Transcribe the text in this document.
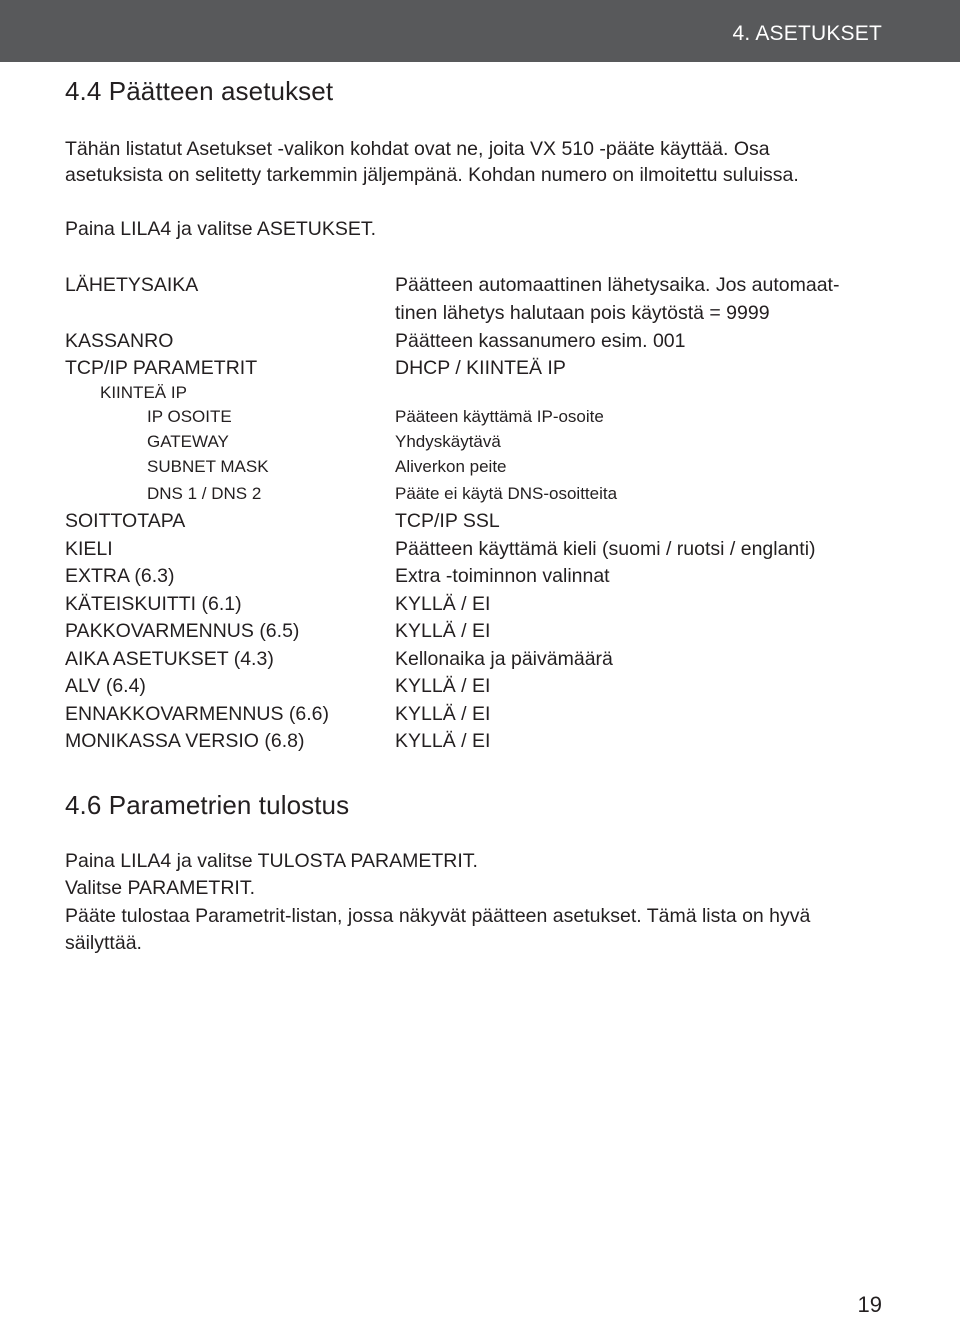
4. ASETUKSET
4.4 Päätteen asetukset
Tähän listatut Asetukset -valikon kohdat ovat ne, joita VX 510 -pääte käyttää. Osa
asetuksista on selitetty tarkemmin jäljempänä. Kohdan numero on ilmoitettu suluissa.
Paina LILA4 ja valitse ASETUKSET.
LÄHETYSAIKA	Päätteen automaattinen lähetysaika. Jos automaat-
tinen lähetys halutaan pois käytöstä = 9999
KASSANRO	Päätteen kassanumero esim. 001
TCP/IP PARAMETRIT	DHCP / KIINTEÄ IP
KIINTEÄ IP
IP OSOITE	Pääteen käyttämä IP-osoite
GATEWAY	Yhdyskäytävä
SUBNET MASK	Aliverkon peite
DNS 1 / DNS 2	Pääte ei käytä DNS-osoitteita
SOITTOTAPA	TCP/IP SSL
KIELI	Päätteen käyttämä kieli (suomi / ruotsi / englanti)
EXTRA (6.3)	Extra -toiminnon valinnat
KÄTEISKUITTI (6.1)	KYLLÄ / EI
PAKKOVARMENNUS (6.5)	KYLLÄ / EI
AIKA ASETUKSET (4.3)	Kellonaika ja päivämäärä
ALV (6.4)	KYLLÄ / EI
ENNAKKOVARMENNUS (6.6)	KYLLÄ / EI
MONIKASSA VERSIO (6.8)	KYLLÄ / EI
4.6 Parametrien tulostus
Paina LILA4 ja valitse TULOSTA PARAMETRIT.
Valitse PARAMETRIT.
Pääte tulostaa Parametrit-listan, jossa näkyvät päätteen asetukset. Tämä lista on hyvä
säilyttää.
19
